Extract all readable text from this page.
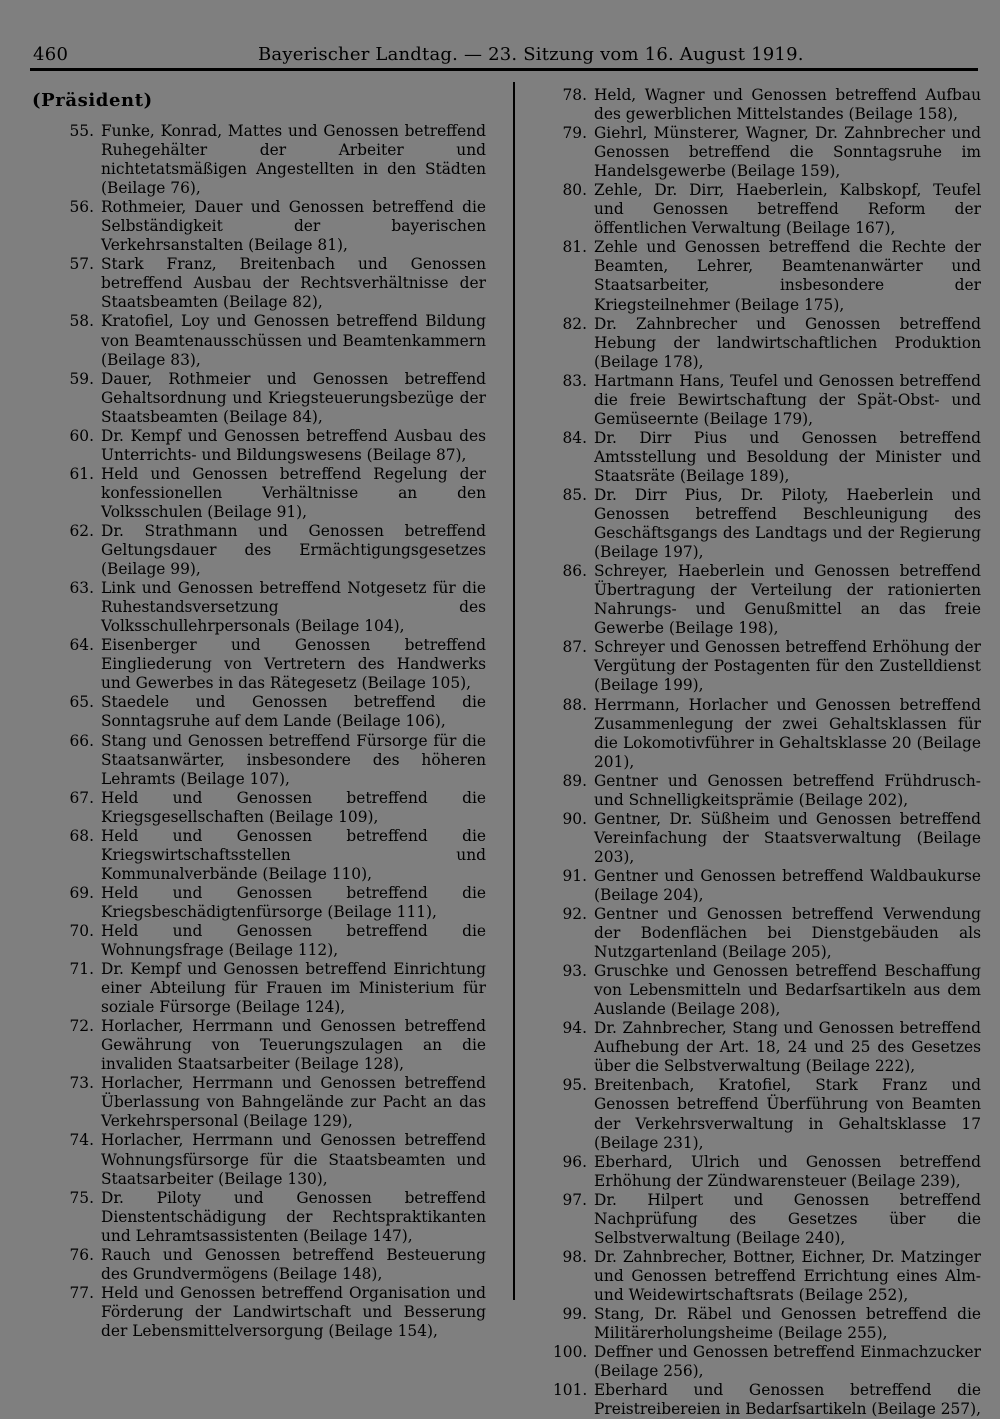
460	Bayerischer Landtag. — 23. Sitzung vom 16. August 1919.
(Präsident)
55. Funke, Konrad, Mattes und Genossen betreffend Ruhegehälter der Arbeiter und nichtetatsmäßigen Angestellten in den Städten (Beilage 76),
56. Rothmeier, Dauer und Genossen betreffend die Selbständigkeit der bayerischen Verkehrsanstalten (Beilage 81),
57. Stark Franz, Breitenbach und Genossen betreffend Ausbau der Rechtsverhältnisse der Staatsbeamten (Beilage 82),
58. Kratofiel, Loy und Genossen betreffend Bildung von Beamtenausschüssen und Beamtenkammern (Beilage 83),
59. Dauer, Rothmeier und Genossen betreffend Gehaltsordnung und Kriegsteuerungsbezüge der Staatsbeamten (Beilage 84),
60. Dr. Kempf und Genossen betreffend Ausbau des Unterrichts- und Bildungswesens (Beilage 87),
61. Held und Genossen betreffend Regelung der konfessionellen Verhältnisse an den Volksschulen (Beilage 91),
62. Dr. Strathmann und Genossen betreffend Geltungsdauer des Ermächtigungsgesetzes (Beilage 99),
63. Link und Genossen betreffend Notgesetz für die Ruhestandsversetzung des Volksschullehrpersonals (Beilage 104),
64. Eisenberger und Genossen betreffend Eingliederung von Vertretern des Handwerks und Gewerbes in das Rätegesetz (Beilage 105),
65. Staedele und Genossen betreffend die Sonntagsruhe auf dem Lande (Beilage 106),
66. Stang und Genossen betreffend Fürsorge für die Staatsanwärter, insbesondere des höheren Lehramts (Beilage 107),
67. Held und Genossen betreffend die Kriegsgesellschaften (Beilage 109),
68. Held und Genossen betreffend die Kriegswirtschaftsstellen und Kommunalverbände (Beilage 110),
69. Held und Genossen betreffend die Kriegsbeschädigtenfürsorge (Beilage 111),
70. Held und Genossen betreffend die Wohnungsfrage (Beilage 112),
71. Dr. Kempf und Genossen betreffend Einrichtung einer Abteilung für Frauen im Ministerium für soziale Fürsorge (Beilage 124),
72. Horlacher, Herrmann und Genossen betreffend Gewährung von Teuerungszulagen an die invaliden Staatsarbeiter (Beilage 128),
73. Horlacher, Herrmann und Genossen betreffend Überlassung von Bahngelände zur Pacht an das Verkehrspersonal (Beilage 129),
74. Horlacher, Herrmann und Genossen betreffend Wohnungsfürsorge für die Staatsbeamten und Staatsarbeiter (Beilage 130),
75. Dr. Piloty und Genossen betreffend Dienstentschädigung der Rechtspraktikanten und Lehramtsassistenten (Beilage 147),
76. Rauch und Genossen betreffend Besteuerung des Grundvermögens (Beilage 148),
77. Held und Genossen betreffend Organisation und Förderung der Landwirtschaft und Besserung der Lebensmittelversorgung (Beilage 154),
78. Held, Wagner und Genossen betreffend Aufbau des gewerblichen Mittelstandes (Beilage 158),
79. Giehrl, Münsterer, Wagner, Dr. Zahnbrecher und Genossen betreffend die Sonntagsruhe im Handelsgewerbe (Beilage 159),
80. Zehle, Dr. Dirr, Haeberlein, Kalbskopf, Teufel und Genossen betreffend Reform der öffentlichen Verwaltung (Beilage 167),
81. Zehle und Genossen betreffend die Rechte der Beamten, Lehrer, Beamtenanwärter und Staatsarbeiter, insbesondere der Kriegsteilnehmer (Beilage 175),
82. Dr. Zahnbrecher und Genossen betreffend Hebung der landwirtschaftlichen Produktion (Beilage 178),
83. Hartmann Hans, Teufel und Genossen betreffend die freie Bewirtschaftung der Spät-Obst- und Gemüseernte (Beilage 179),
84. Dr. Dirr Pius und Genossen betreffend Amtsstellung und Besoldung der Minister und Staatsräte (Beilage 189),
85. Dr. Dirr Pius, Dr. Piloty, Haeberlein und Genossen betreffend Beschleunigung des Geschäftsgangs des Landtags und der Regierung (Beilage 197),
86. Schreyer, Haeberlein und Genossen betreffend Übertragung der Verteilung der rationierten Nahrungs- und Genußmittel an das freie Gewerbe (Beilage 198),
87. Schreyer und Genossen betreffend Erhöhung der Vergütung der Postagenten für den Zustelldienst (Beilage 199),
88. Herrmann, Horlacher und Genossen betreffend Zusammenlegung der zwei Gehaltsklassen für die Lokomotivführer in Gehaltsklasse 20 (Beilage 201),
89. Gentner und Genossen betreffend Frühdrusch- und Schnelligkeitsprämie (Beilage 202),
90. Gentner, Dr. Süßheim und Genossen betreffend Vereinfachung der Staatsverwaltung (Beilage 203),
91. Gentner und Genossen betreffend Waldbaukurse (Beilage 204),
92. Gentner und Genossen betreffend Verwendung der Bodenflächen bei Dienstgebäuden als Nutzgartenland (Beilage 205),
93. Gruschke und Genossen betreffend Beschaffung von Lebensmitteln und Bedarfsartikeln aus dem Auslande (Beilage 208),
94. Dr. Zahnbrecher, Stang und Genossen betreffend Aufhebung der Art. 18, 24 und 25 des Gesetzes über die Selbstverwaltung (Beilage 222),
95. Breitenbach, Kratofiel, Stark Franz und Genossen betreffend Überführung von Beamten der Verkehrsverwaltung in Gehaltsklasse 17 (Beilage 231),
96. Eberhard, Ulrich und Genossen betreffend Erhöhung der Zündwarensteuer (Beilage 239),
97. Dr. Hilpert und Genossen betreffend Nachprüfung des Gesetzes über die Selbstverwaltung (Beilage 240),
98. Dr. Zahnbrecher, Bottner, Eichner, Dr. Matzinger und Genossen betreffend Errichtung eines Alm- und Weidewirtschaftsrats (Beilage 252),
99. Stang, Dr. Räbel und Genossen betreffend die Militärerholungsheime (Beilage 255),
100. Deffner und Genossen betreffend Einmachzucker (Beilage 256),
101. Eberhard und Genossen betreffend die Preistreibereien in Bedarfsartikeln (Beilage 257),
